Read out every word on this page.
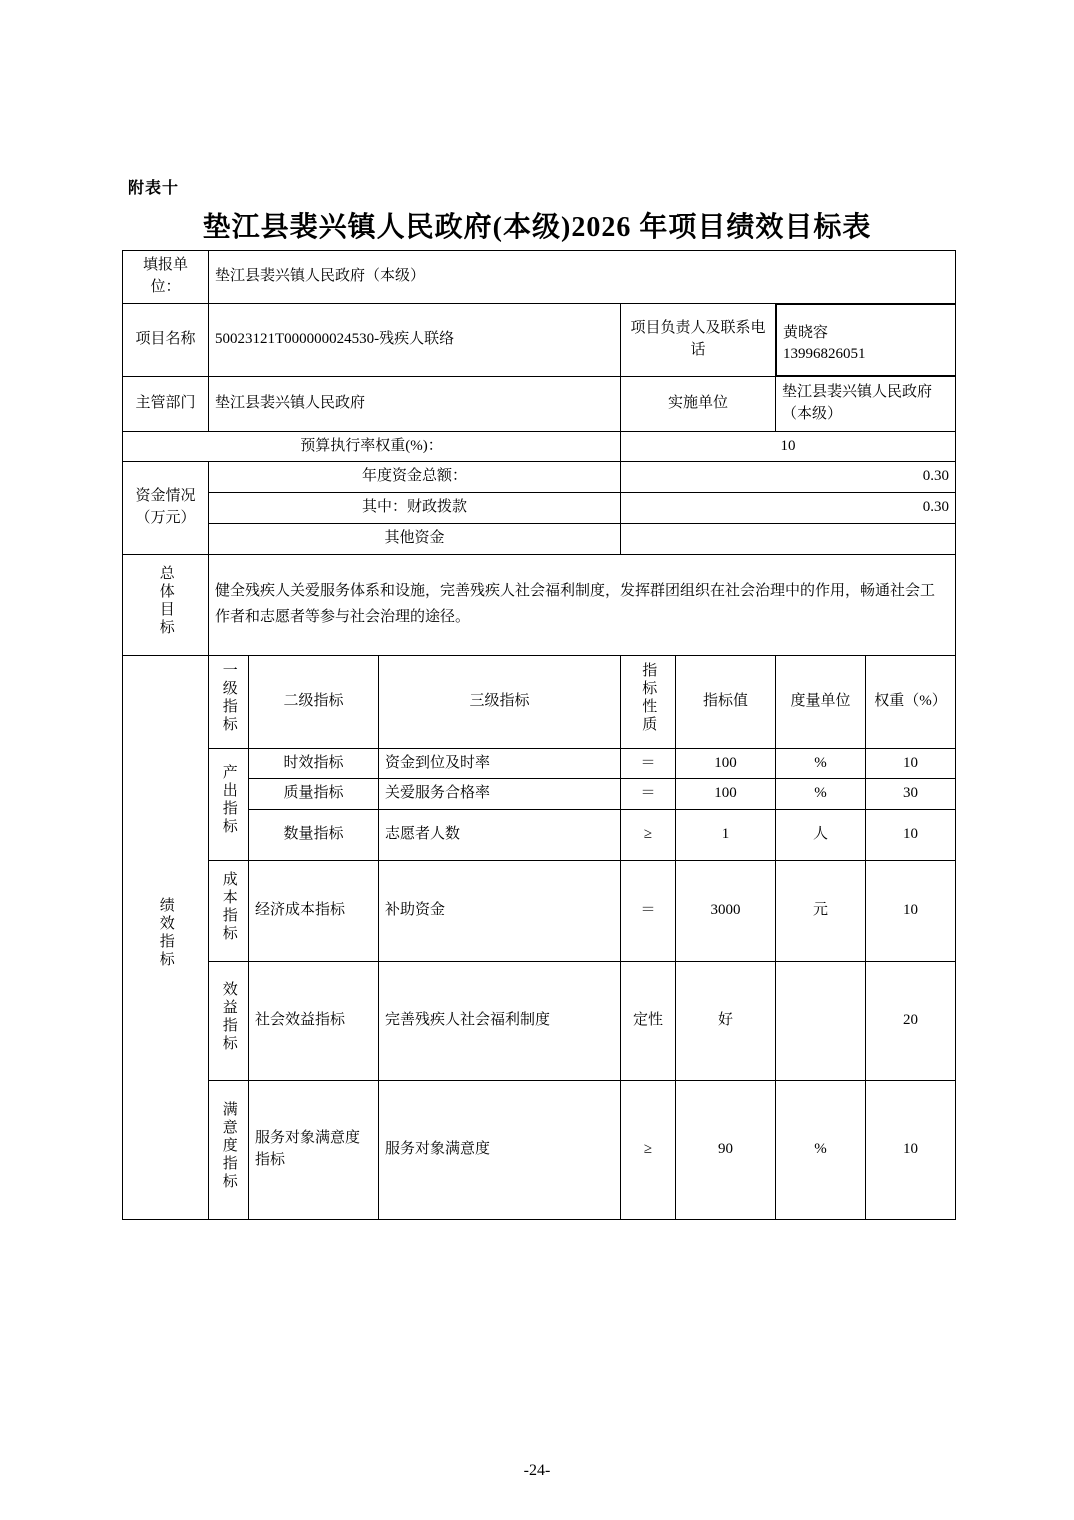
附表十
垫江县裴兴镇人民政府(本级)2026 年项目绩效目标表
填报单位：	垫江县裴兴镇人民政府（本级）						
项目名称	50023121T000000024530-残疾人联络			项目负责人及联系电话		黄晓容
13996826051	

主管部门	垫江县裴兴镇人民政府			实施单位		垫江县裴兴镇人民政府（本级）	
预算执行率权重(%)：				10			

资金情况（万元）	年度资金总额：			0.30			
	其中：财政拨款			0.30			
	其他资金						
总体目标	健全残疾人关爱服务体系和设施，完善残疾人社会福利制度，发挥群团组织在社会治理中的作用，畅通社会工作者和志愿者等参与社会治理的途径。						
绩效指标	一级指标	二级指标	三级指标	指标性质	指标值	度量单位	权重（%）
	产出指标	时效指标	资金到位及时率	＝	100	%	10
		质量指标	关爱服务合格率	＝	100	%	30
		数量指标	志愿者人数	≥	1	人	10
	成本指标	经济成本指标	补助资金	＝	3000	元	10
	效益指标	社会效益指标	完善残疾人社会福利制度	定性	好		20
	满意度指标	服务对象满意度指标	服务对象满意度	≥	90	%	10
-24-
